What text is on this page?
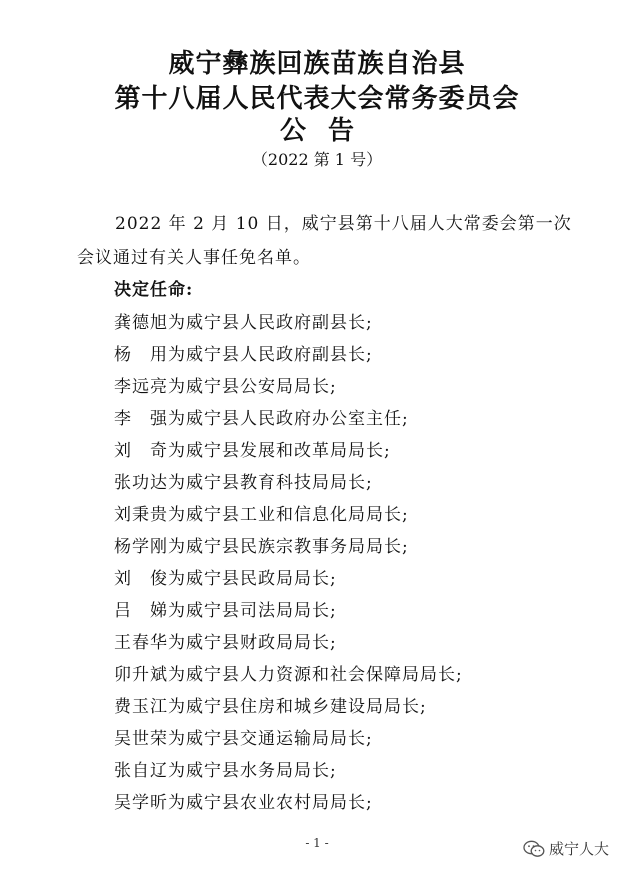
威宁彝族回族苗族自治县
第十八届人民代表大会常务委员会
公告
（2022 第 1 号）
2022 年 2 月 10 日，威宁县第十八届人大常委会第一次
会议通过有关人事任免名单。
决定任命:
龚德旭为威宁县人民政府副县长;
杨　用为威宁县人民政府副县长;
李远亮为威宁县公安局局长;
李　强为威宁县人民政府办公室主任;
刘　奇为威宁县发展和改革局局长;
张功达为威宁县教育科技局局长;
刘秉贵为威宁县工业和信息化局局长;
杨学刚为威宁县民族宗教事务局局长;
刘　俊为威宁县民政局局长;
吕　娣为威宁县司法局局长;
王春华为威宁县财政局局长;
卯升斌为威宁县人力资源和社会保障局局长;
费玉江为威宁县住房和城乡建设局局长;
吴世荣为威宁县交通运输局局长;
张自辽为威宁县水务局局长;
吴学昕为威宁县农业农村局局长;
- 1 -	威宁人大
